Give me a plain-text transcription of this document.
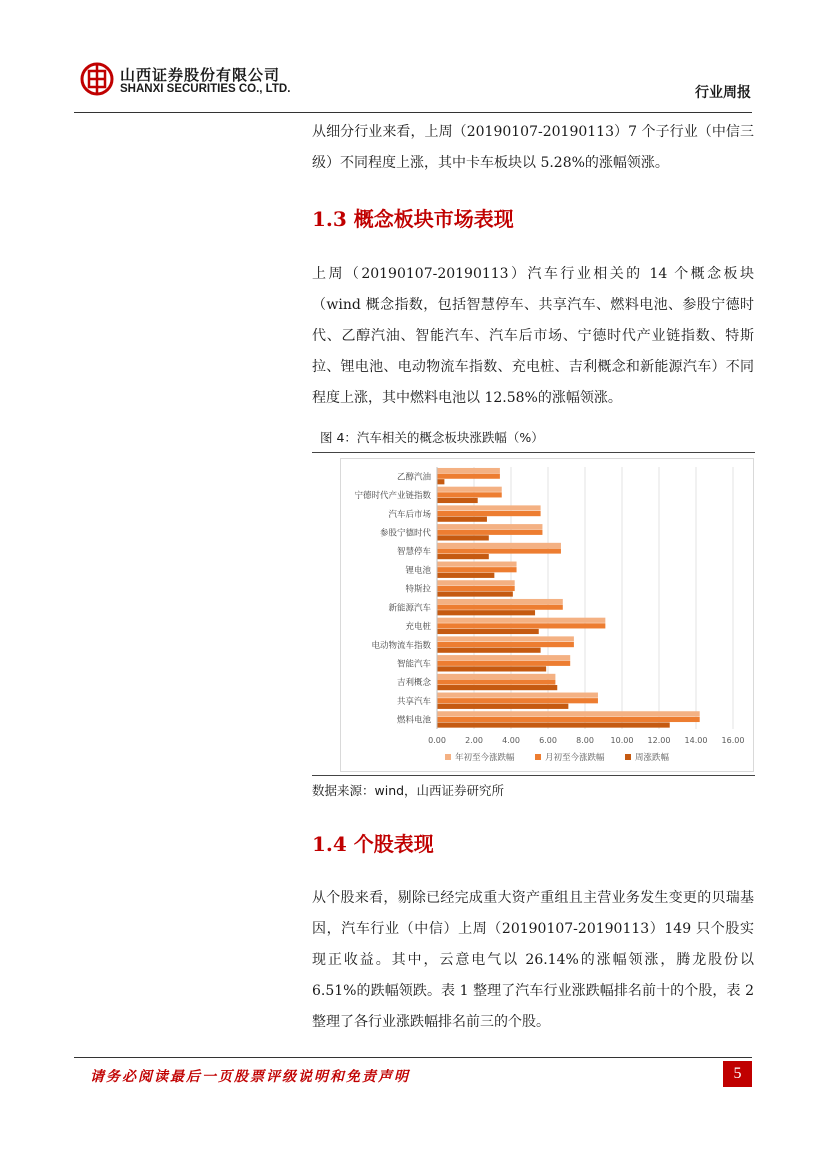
山西证券股份有限公司
SHANXI SECURITIES CO., LTD.	行业周报
从细分行业来看，上周（20190107-20190113）7 个子行业（中信三级）不同程度上涨，其中卡车板块以 5.28%的涨幅领涨。
1.3 概念板块市场表现
上周（20190107-20190113）汽车行业相关的 14 个概念板块（wind 概念指数，包括智慧停车、共享汽车、燃料电池、参股宁德时代、乙醇汽油、智能汽车、汽车后市场、宁德时代产业链指数、特斯拉、锂电池、电动物流车指数、充电桩、吉利概念和新能源汽车）不同程度上涨，其中燃料电池以 12.58%的涨幅领涨。
图 4：汽车相关的概念板块涨跌幅（%）
0.00 2.00 4.00 6.00 8.00 10.00 12.00 14.00 16.00
乙醇汽油
宁德时代产业链指数
汽车后市场
参股宁德时代
智慧停车
锂电池
特斯拉
新能源汽车
充电桩
电动物流车指数
智能汽车
吉利概念
共享汽车
燃料电池
年初至今涨跌幅	月初至今涨跌幅	周涨跌幅
数据来源：wind，山西证券研究所
1.4 个股表现
从个股来看，剔除已经完成重大资产重组且主营业务发生变更的贝瑞基因，汽车行业（中信）上周（20190107-20190113）149 只个股实现正收益。其中，云意电气以 26.14%的涨幅领涨，腾龙股份以 6.51%的跌幅领跌。表 1 整理了汽车行业涨跌幅排名前十的个股，表 2 整理了各行业涨跌幅排名前三的个股。
请务必阅读最后一页股票评级说明和免责声明	5
